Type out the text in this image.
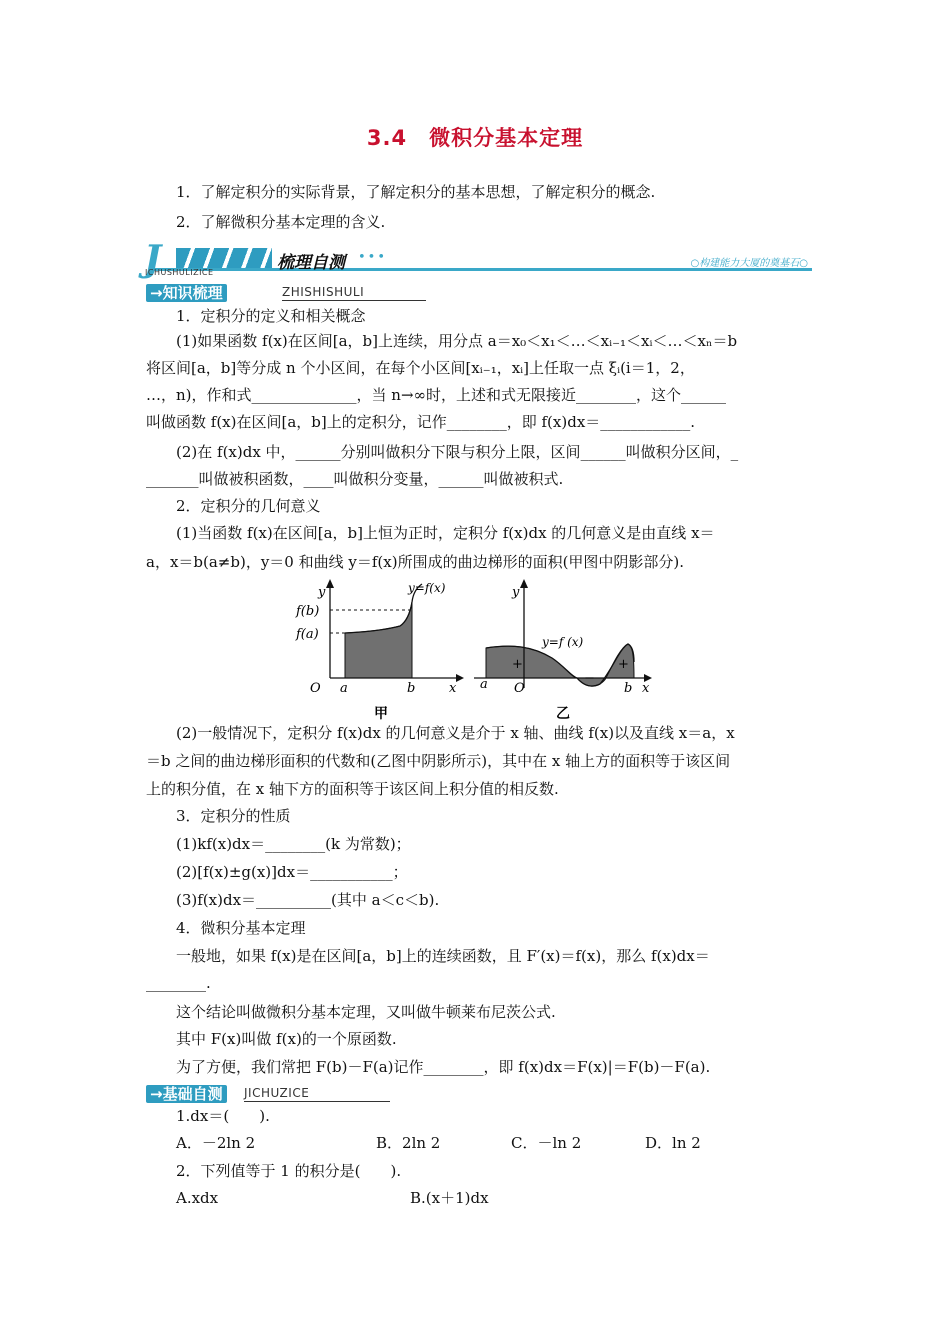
3.4　微积分基本定理
1．了解定积分的实际背景，了解定积分的基本思想，了解定积分的概念.
2．了解微积分基本定理的含义.
J
ICHUSHULIZICE	梳理自测 •••	○构建能力大厦的奠基石○
→知识梳理	ZHISHISHULI
1．定积分的定义和相关概念
(1)如果函数 f(x)在区间[a，b]上连续，用分点 a＝x₀＜x₁＜…＜xᵢ₋₁＜xᵢ＜…＜xₙ＝b
将区间[a，b]等分成 n 个小区间，在每个小区间[xᵢ₋₁，xᵢ]上任取一点 ξᵢ(i＝1，2，
…，n)，作和式______________，当 n→∞时，上述和式无限接近________，这个______
叫做函数 f(x)在区间[a，b]上的定积分，记作________，即 f(x)dx＝____________.
(2)在 f(x)dx 中，______分别叫做积分下限与积分上限，区间______叫做积分区间，_
_______叫做被积函数，____叫做积分变量，______叫做被积式.
2．定积分的几何意义
(1)当函数 f(x)在区间[a，b]上恒为正时，定积分 f(x)dx 的几何意义是由直线 x＝
a，x＝b(a≠b)，y＝0 和曲线 y＝f(x)所围成的曲边梯形的面积(甲图中阴影部分).
y
x
O a	b
f(b)
f(a)
y=f(x)
甲
y
x
O
a	b
y=f (x)
+	+
−
乙
(2)一般情况下，定积分 f(x)dx 的几何意义是介于 x 轴、曲线 f(x)以及直线 x＝a，x
＝b 之间的曲边梯形面积的代数和(乙图中阴影所示)，其中在 x 轴上方的面积等于该区间
上的积分值，在 x 轴下方的面积等于该区间上积分值的相反数.
3．定积分的性质
(1)kf(x)dx＝________(k 为常数)；
(2)[f(x)±g(x)]dx＝___________；
(3)f(x)dx＝__________(其中 a＜c＜b).
4．微积分基本定理
一般地，如果 f(x)是在区间[a，b]上的连续函数，且 F′(x)＝f(x)，那么 f(x)dx＝
________.
这个结论叫做微积分基本定理，又叫做牛顿莱布尼茨公式.
其中 F(x)叫做 f(x)的一个原函数.
为了方便，我们常把 F(b)－F(a)记作________，即 f(x)dx＝F(x)|＝F(b)－F(a).
→基础自测	JICHUZICE
1.dx＝(　　).
A．－2ln 2	B．2ln 2	C．－ln 2	D．ln 2
2．下列值等于 1 的积分是(　　).
A.xdx	B.(x＋1)dx
